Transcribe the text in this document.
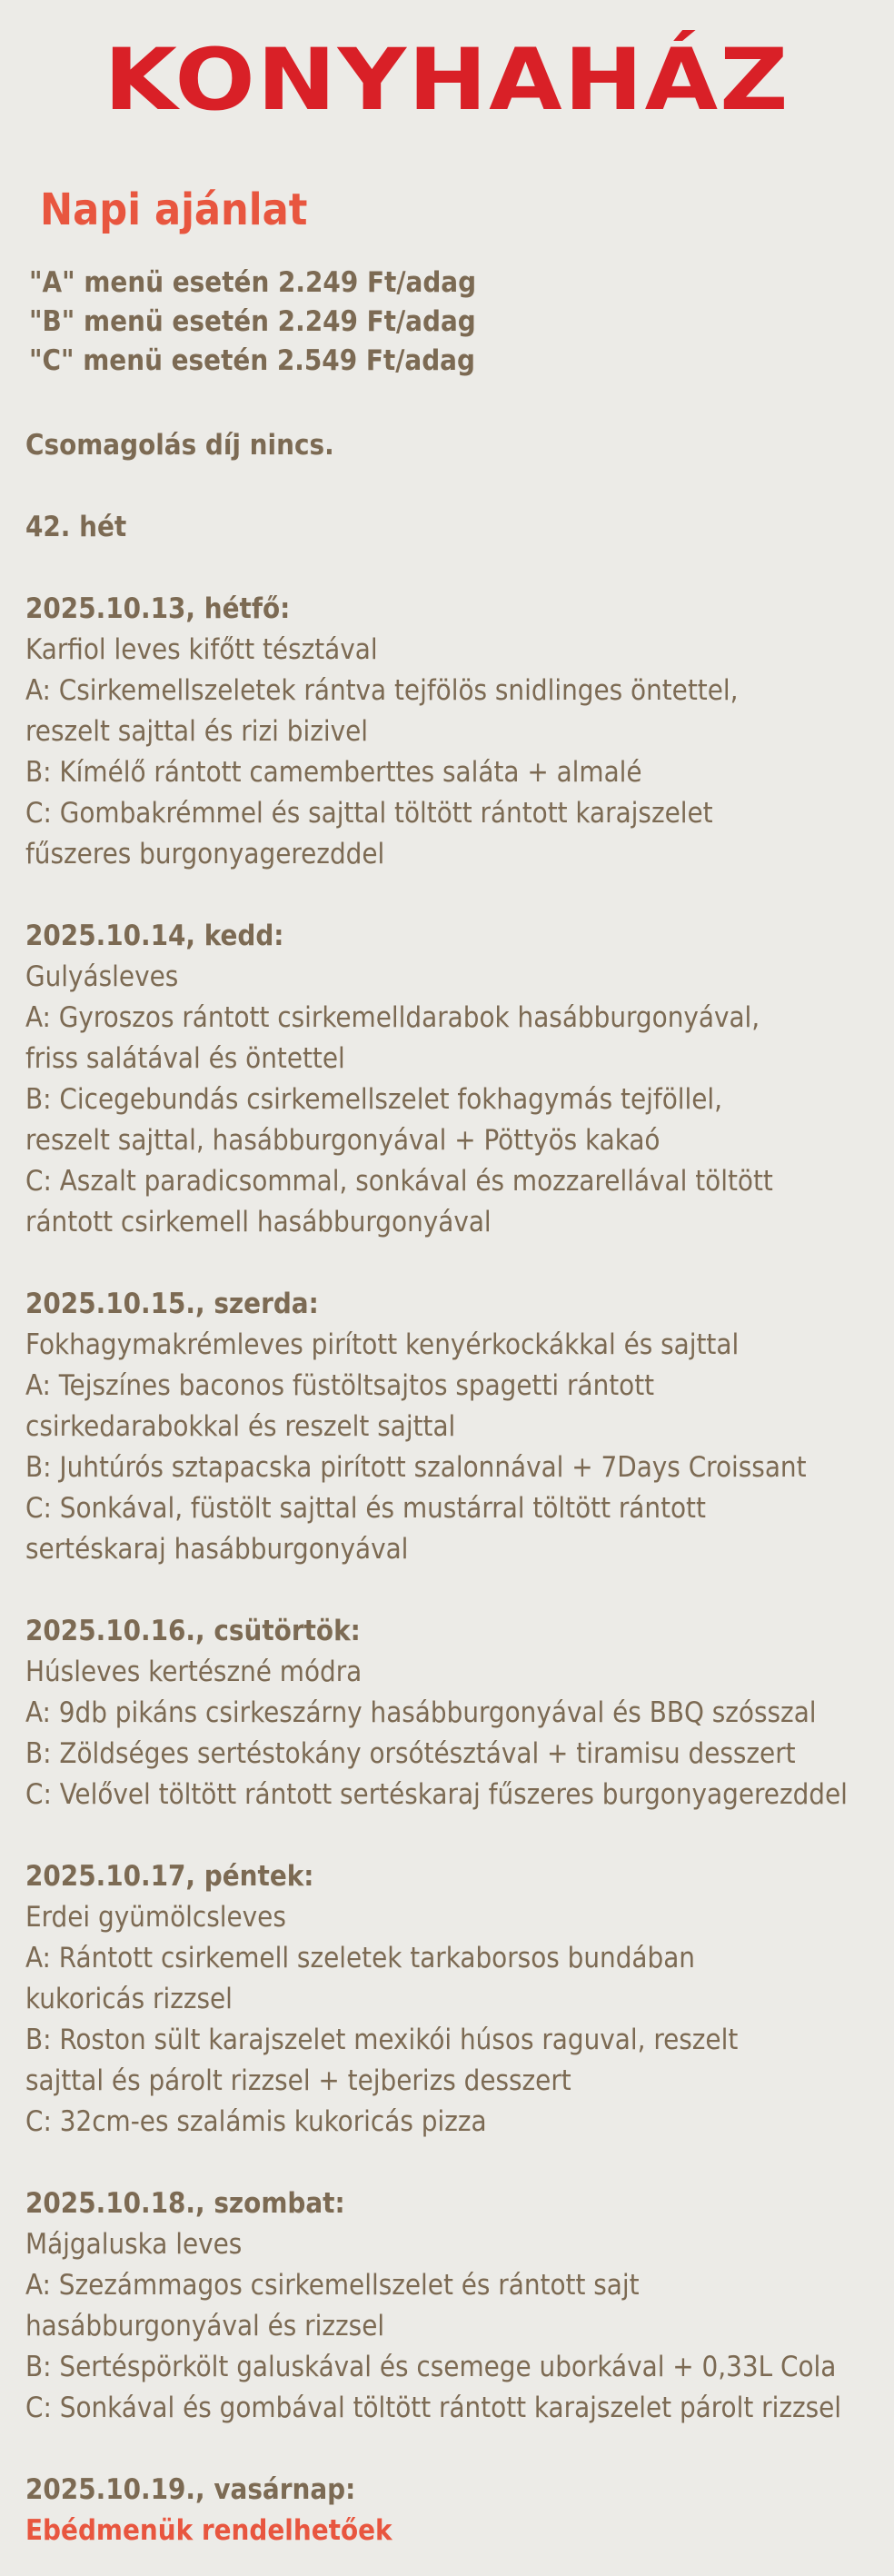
KONYHAHÁZ
Napi ajánlat
"A" menü esetén 2.249 Ft/adag
"B" menü esetén 2.249 Ft/adag
"C" menü esetén 2.549 Ft/adag
Csomagolás díj nincs.
42. hét
2025.10.13, hétfő:
Karfiol leves kifőtt tésztával
A: Csirkemellszeletek rántva tejfölös snidlinges öntettel,
reszelt sajttal és rizi bizivel
B: Kímélő rántott camemberttes saláta + almalé
C: Gombakrémmel és sajttal töltött rántott karajszelet
fűszeres burgonyagerezddel
2025.10.14, kedd:
Gulyásleves
A: Gyroszos rántott csirkemelldarabok hasábburgonyával,
friss salátával és öntettel
B: Cicegebundás csirkemellszelet fokhagymás tejföllel,
reszelt sajttal, hasábburgonyával + Pöttyös kakaó
C: Aszalt paradicsommal, sonkával és mozzarellával töltött
rántott csirkemell hasábburgonyával
2025.10.15., szerda:
Fokhagymakrémleves pirított kenyérkockákkal és sajttal
A: Tejszínes baconos füstöltsajtos spagetti rántott
csirkedarabokkal és reszelt sajttal
B: Juhtúrós sztapacska pirított szalonnával + 7Days Croissant
C: Sonkával, füstölt sajttal és mustárral töltött rántott
sertéskaraj hasábburgonyával
2025.10.16., csütörtök:
Húsleves kertészné módra
A: 9db pikáns csirkeszárny hasábburgonyával és BBQ szósszal
B: Zöldséges sertéstokány orsótésztával + tiramisu desszert
C: Velővel töltött rántott sertéskaraj fűszeres burgonyagerezddel
2025.10.17, péntek:
Erdei gyümölcsleves
A: Rántott csirkemell szeletek tarkaborsos bundában
kukoricás rizzsel
B: Roston sült karajszelet mexikói húsos raguval, reszelt
sajttal és párolt rizzsel + tejberizs desszert
C: 32cm-es szalámis kukoricás pizza
2025.10.18., szombat:
Májgaluska leves
A: Szezámmagos csirkemellszelet és rántott sajt
hasábburgonyával és rizzsel
B: Sertéspörkölt galuskával és csemege uborkával + 0,33L Cola
C: Sonkával és gombával töltött rántott karajszelet párolt rizzsel
2025.10.19., vasárnap:
Ebédmenük rendelhetőek
